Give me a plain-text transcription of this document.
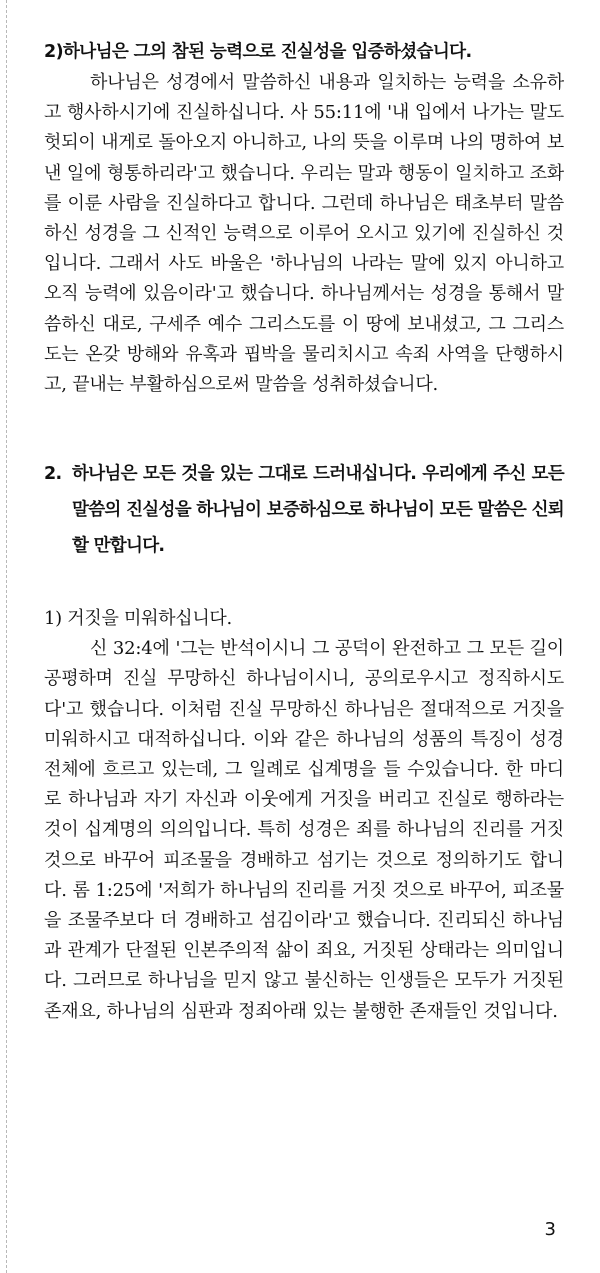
2)하나님은 그의 참된 능력으로 진실성을 입증하셨습니다.

하나님은 성경에서 말씀하신 내용과 일치하는 능력을 소유하고 행사하시기에 진실하십니다. 사 55:11에 '내 입에서 나가는 말도 헛되이 내게로 돌아오지 아니하고, 나의 뜻을 이루며 나의 명하여 보낸 일에 형통하리라'고 했습니다. 우리는 말과 행동이 일치하고 조화를 이룬 사람을 진실하다고 합니다. 그런데 하나님은 태초부터 말씀하신 성경을 그 신적인 능력으로 이루어 오시고 있기에 진실하신 것입니다. 그래서 사도 바울은 '하나님의 나라는 말에 있지 아니하고 오직 능력에 있음이라'고 했습니다. 하나님께서는 성경을 통해서 말씀하신 대로, 구세주 예수 그리스도를 이 땅에 보내셨고, 그 그리스도는 온갖 방해와 유혹과 핍박을 물리치시고 속죄 사역을 단행하시고, 끝내는 부활하심으로써 말씀을 성취하셨습니다.

2. 하나님은 모든 것을 있는 그대로 드러내십니다. 우리에게 주신 모든 말씀의 진실성을 하나님이 보증하심으로 하나님이 모든 말씀은 신뢰할 만합니다.
1) 거짓을 미워하십니다.

신 32:4에 '그는 반석이시니 그 공덕이 완전하고 그 모든 길이 공평하며 진실 무망하신 하나님이시니, 공의로우시고 정직하시도다'고 했습니다. 이처럼 진실 무망하신 하나님은 절대적으로 거짓을 미워하시고 대적하십니다. 이와 같은 하나님의 성품의 특징이 성경 전체에 흐르고 있는데, 그 일례로 십계명을 들 수있습니다. 한 마디로 하나님과 자기 자신과 이웃에게 거짓을 버리고 진실로 행하라는 것이 십계명의 의의입니다. 특히 성경은 죄를 하나님의 진리를 거짓 것으로 바꾸어 피조물을 경배하고 섬기는 것으로 정의하기도 합니다. 롬 1:25에 '저희가 하나님의 진리를 거짓 것으로 바꾸어, 피조물을 조물주보다 더 경배하고 섬김이라'고 했습니다. 진리되신 하나님과 관계가 단절된 인본주의적 삶이 죄요, 거짓된 상태라는 의미입니다. 그러므로 하나님을 믿지 않고 불신하는 인생들은 모두가 거짓된 존재요, 하나님의 심판과 정죄아래 있는 불행한 존재들인 것입니다.

3
